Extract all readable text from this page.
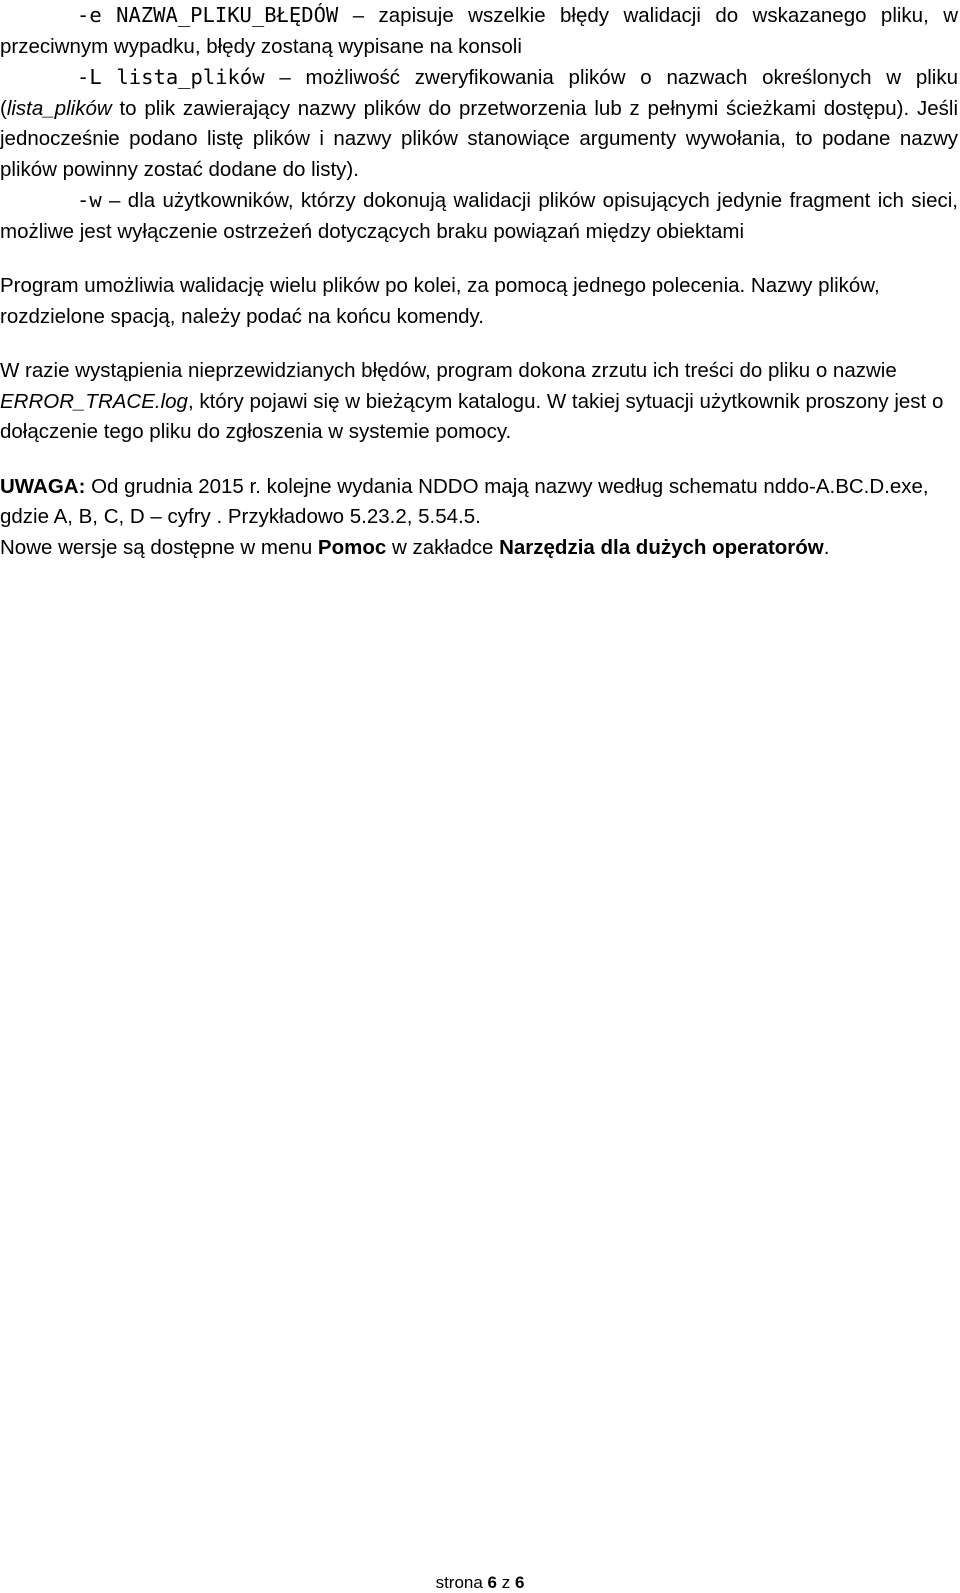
-e NAZWA_PLIKU_BŁĘDÓW – zapisuje wszelkie błędy walidacji do wskazanego pliku, w przeciwnym wypadku, błędy zostaną wypisane na konsoli

-L lista_plików – możliwość zweryfikowania plików o nazwach określonych w pliku (lista_plików to plik zawierający nazwy plików do przetworzenia lub z pełnymi ścieżkami dostępu). Jeśli jednocześnie podano listę plików i nazwy plików stanowiące argumenty wywołania, to podane nazwy plików powinny zostać dodane do listy).

-w – dla użytkowników, którzy dokonują walidacji plików opisujących jedynie fragment ich sieci, możliwe jest wyłączenie ostrzeżeń dotyczących braku powiązań między obiektami

Program umożliwia walidację wielu plików po kolei, za pomocą jednego polecenia. Nazwy plików, rozdzielone spacją, należy podać na końcu komendy.

W razie wystąpienia nieprzewidzianych błędów, program dokona zrzutu ich treści do pliku o nazwie ERROR_TRACE.log, który pojawi się w bieżącym katalogu. W takiej sytuacji użytkownik proszony jest o dołączenie tego pliku do zgłoszenia w systemie pomocy.

UWAGA: Od grudnia 2015 r. kolejne wydania NDDO mają nazwy według schematu nddo-A.BC.D.exe, gdzie A, B, C, D – cyfry . Przykładowo 5.23.2, 5.54.5.

Nowe wersje są dostępne w menu Pomoc w zakładce Narzędzia dla dużych operatorów.

strona 6 z 6
